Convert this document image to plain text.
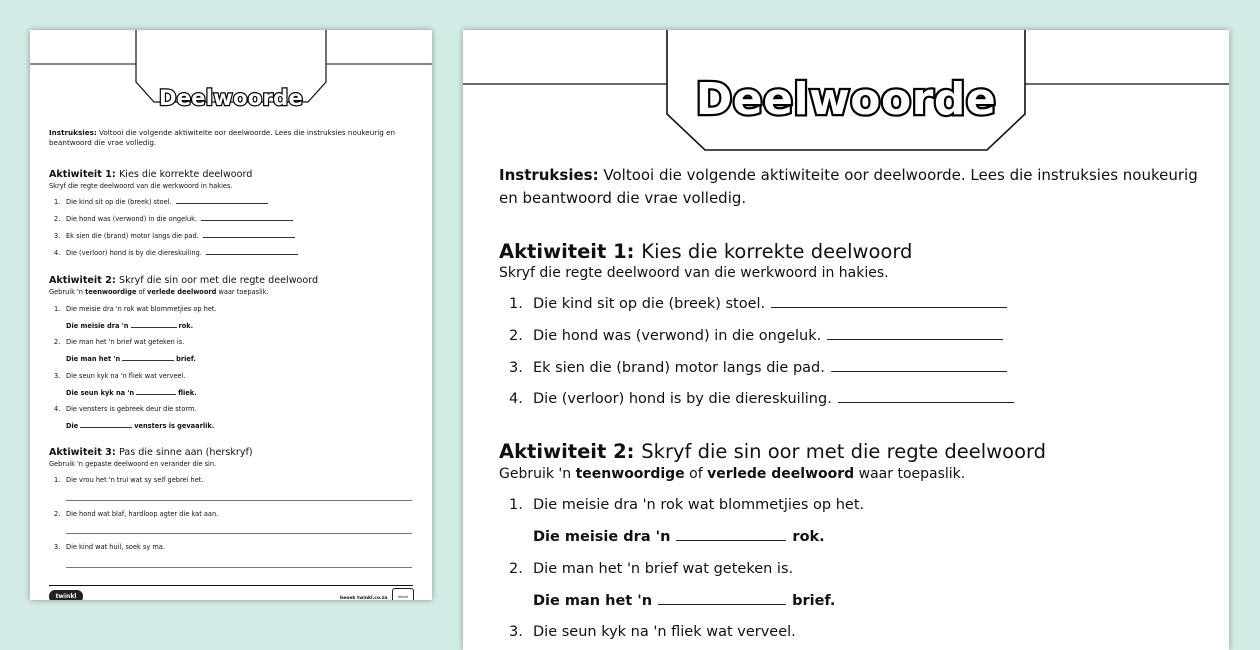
Deelwoorde
Instruksies: Voltooi die volgende aktiwiteite oor deelwoorde. Lees die instruksies noukeurig en beantwoord die vrae volledig.
Aktiwiteit 1: Kies die korrekte deelwoord
Skryf die regte deelwoord van die werkwoord in hakies.
1. Die kind sit op die (breek) stoel.
2. Die hond was (verwond) in die ongeluk.
3. Ek sien die (brand) motor langs die pad.
4. Die (verloor) hond is by die diereskuiling.
Aktiwiteit 2: Skryf die sin oor met die regte deelwoord
Gebruik 'n teenwoordige of verlede deelwoord waar toepaslik.
1. Die meisie dra 'n rok wat blommetjies op het.
Die meisie dra 'n	rok.
2. Die man het 'n brief wat geteken is.
Die man het 'n	brief.
3. Die seun kyk na 'n fliek wat verveel.
Die seun kyk na 'n	fliek.
4. Die vensters is gebreek deur die storm.
Die	vensters is gevaarlik.
Aktiwiteit 3: Pas die sinne aan (herskryf)
Gebruik 'n gepaste deelwoord en verander die sin.
1. Die vrou het 'n trui wat sy self gebrei het.
2. Die hond wat blaf, hardloop agter die kat aan.
3. Die kind wat huil, soek sy ma.
twinkl	beoek twinkl.co.za	twinkl
Deelwoorde
Instruksies: Voltooi die volgende aktiwiteite oor deelwoorde. Lees die instruksies noukeurig en beantwoord die vrae volledig.
Aktiwiteit 1: Kies die korrekte deelwoord
Skryf die regte deelwoord van die werkwoord in hakies.
1. Die kind sit op die (breek) stoel.
2. Die hond was (verwond) in die ongeluk.
3. Ek sien die (brand) motor langs die pad.
4. Die (verloor) hond is by die diereskuiling.
Aktiwiteit 2: Skryf die sin oor met die regte deelwoord
Gebruik 'n teenwoordige of verlede deelwoord waar toepaslik.
1. Die meisie dra 'n rok wat blommetjies op het.
Die meisie dra 'n	rok.
2. Die man het 'n brief wat geteken is.
Die man het 'n	brief.
3. Die seun kyk na 'n fliek wat verveel.
